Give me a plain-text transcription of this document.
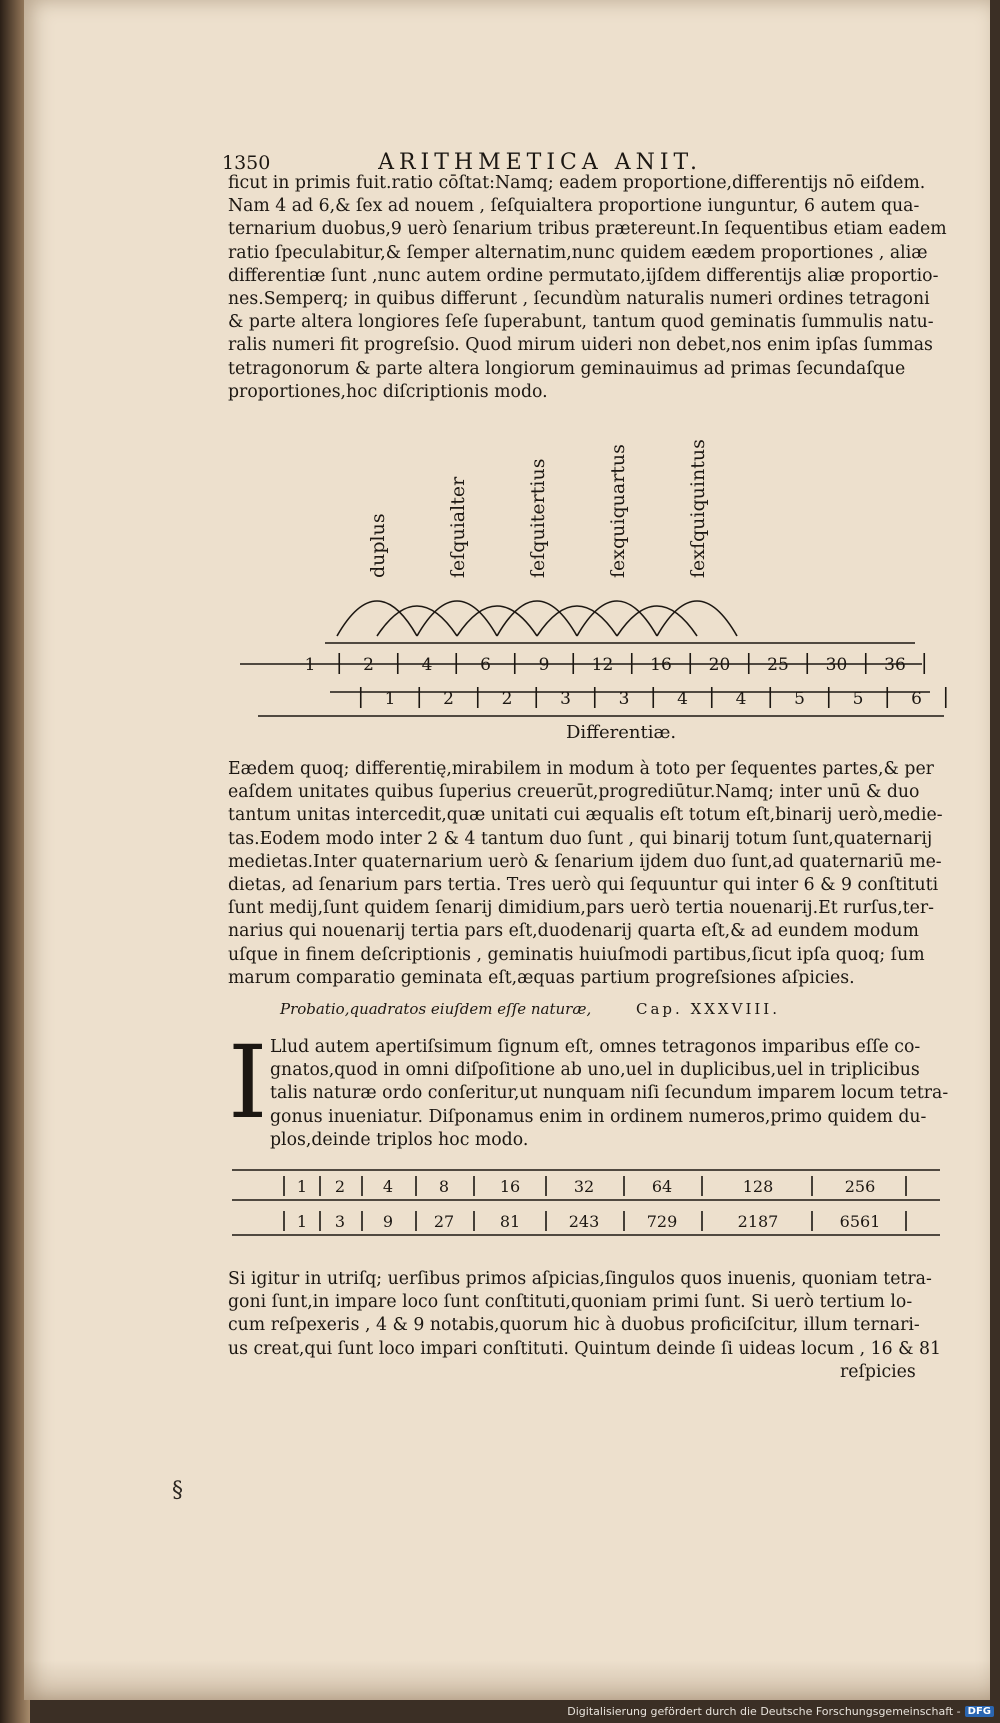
1350	ARITHMETICA ANIT.

ficut in primis fuit.ratio cōſtat:Namq; eadem proportione,differentijs nō eiſdem.
Nam 4 ad 6,& ſex ad nouem , ſeſquialtera proportione iunguntur, 6 autem qua-
ternarium duobus,9 uerò ſenarium tribus prætereunt.In ſequentibus etiam eadem
ratio ſpeculabitur,& ſemper alternatim,nunc quidem eædem proportiones , aliæ
differentiæ ſunt ,nunc autem ordine permutato,ijſdem differentijs aliæ proportio-
nes.Semperq; in quibus differunt , ſecundùm naturalis numeri ordines tetragoni
& parte altera longiores ſeſe ſuperabunt, tantum quod geminatis ſummulis natu-
ralis numeri fit progreſsio. Quod mirum uideri non debet,nos enim ipſas ſummas
tetragonorum & parte altera longiorum geminauimus ad primas ſecundaſque
proportiones,hoc diſcriptionis modo.

duplus	ſeſquialter	ſeſquitertius	ſexquiquartus	ſexſquiquintus
1	2	4	6	9 12 16 20 25 30 36
1	2	2	3	3	4	4	5	5	6
Differentiæ.

Eædem quoq; differentię,mirabilem in modum à toto per ſequentes partes,& per
eaſdem unitates quibus ſuperius creuerūt,progrediūtur.Namq; inter unū & duo
tantum unitas intercedit,quæ unitati cui æqualis eſt totum eſt,binarij uerò,medie-
tas.Eodem modo inter 2 & 4 tantum duo ſunt , qui binarij totum ſunt,quaternarij
medietas.Inter quaternarium uerò & ſenarium ijdem duo ſunt,ad quaternariū me-
dietas, ad ſenarium pars tertia. Tres uerò qui ſequuntur qui inter 6 & 9 conſtituti
ſunt medij,ſunt quidem ſenarij dimidium,pars uerò tertia nouenarij.Et rurſus,ter-
narius qui nouenarij tertia pars eſt,duodenarij quarta eſt,& ad eundem modum
uſque in finem deſcriptionis , geminatis huiuſmodi partibus,ſicut ipſa quoq; ſum
marum comparatio geminata eſt,æquas partium progreſsiones aſpicies.

Probatio,quadratos eiuſdem eſſe naturæ,	Cap. XXXVIII.
I Llud autem apertiſsimum ſignum eſt, omnes tetragonos imparibus eſſe co-
gnatos,quod in omni diſpoſitione ab uno,uel in duplicibus,uel in triplicibus
talis naturæ ordo conſeritur,ut nunquam niſi ſecundum imparem locum tetra-
gonus inueniatur. Diſponamus enim in ordinem numeros,primo quidem du-
plos,deinde triplos hoc modo.

1 2 4	8	16	32	64	128	256
1 3 9	27	81	243	729	2187	6561

Si igitur in utriſq; uerſibus primos aſpicias,ſingulos quos inuenis, quoniam tetra-
goni ſunt,in impare loco ſunt conſtituti,quoniam primi ſunt. Si uerò tertium lo-
cum reſpexeris , 4 & 9 notabis,quorum hic à duobus proficiſcitur, illum ternari-
us creat,qui ſunt loco impari conſtituti. Quintum deinde ſi uideas locum , 16 & 81

reſpicies
§
Digitalisierung gefördert durch die Deutsche Forschungsgemeinschaft - DFG
